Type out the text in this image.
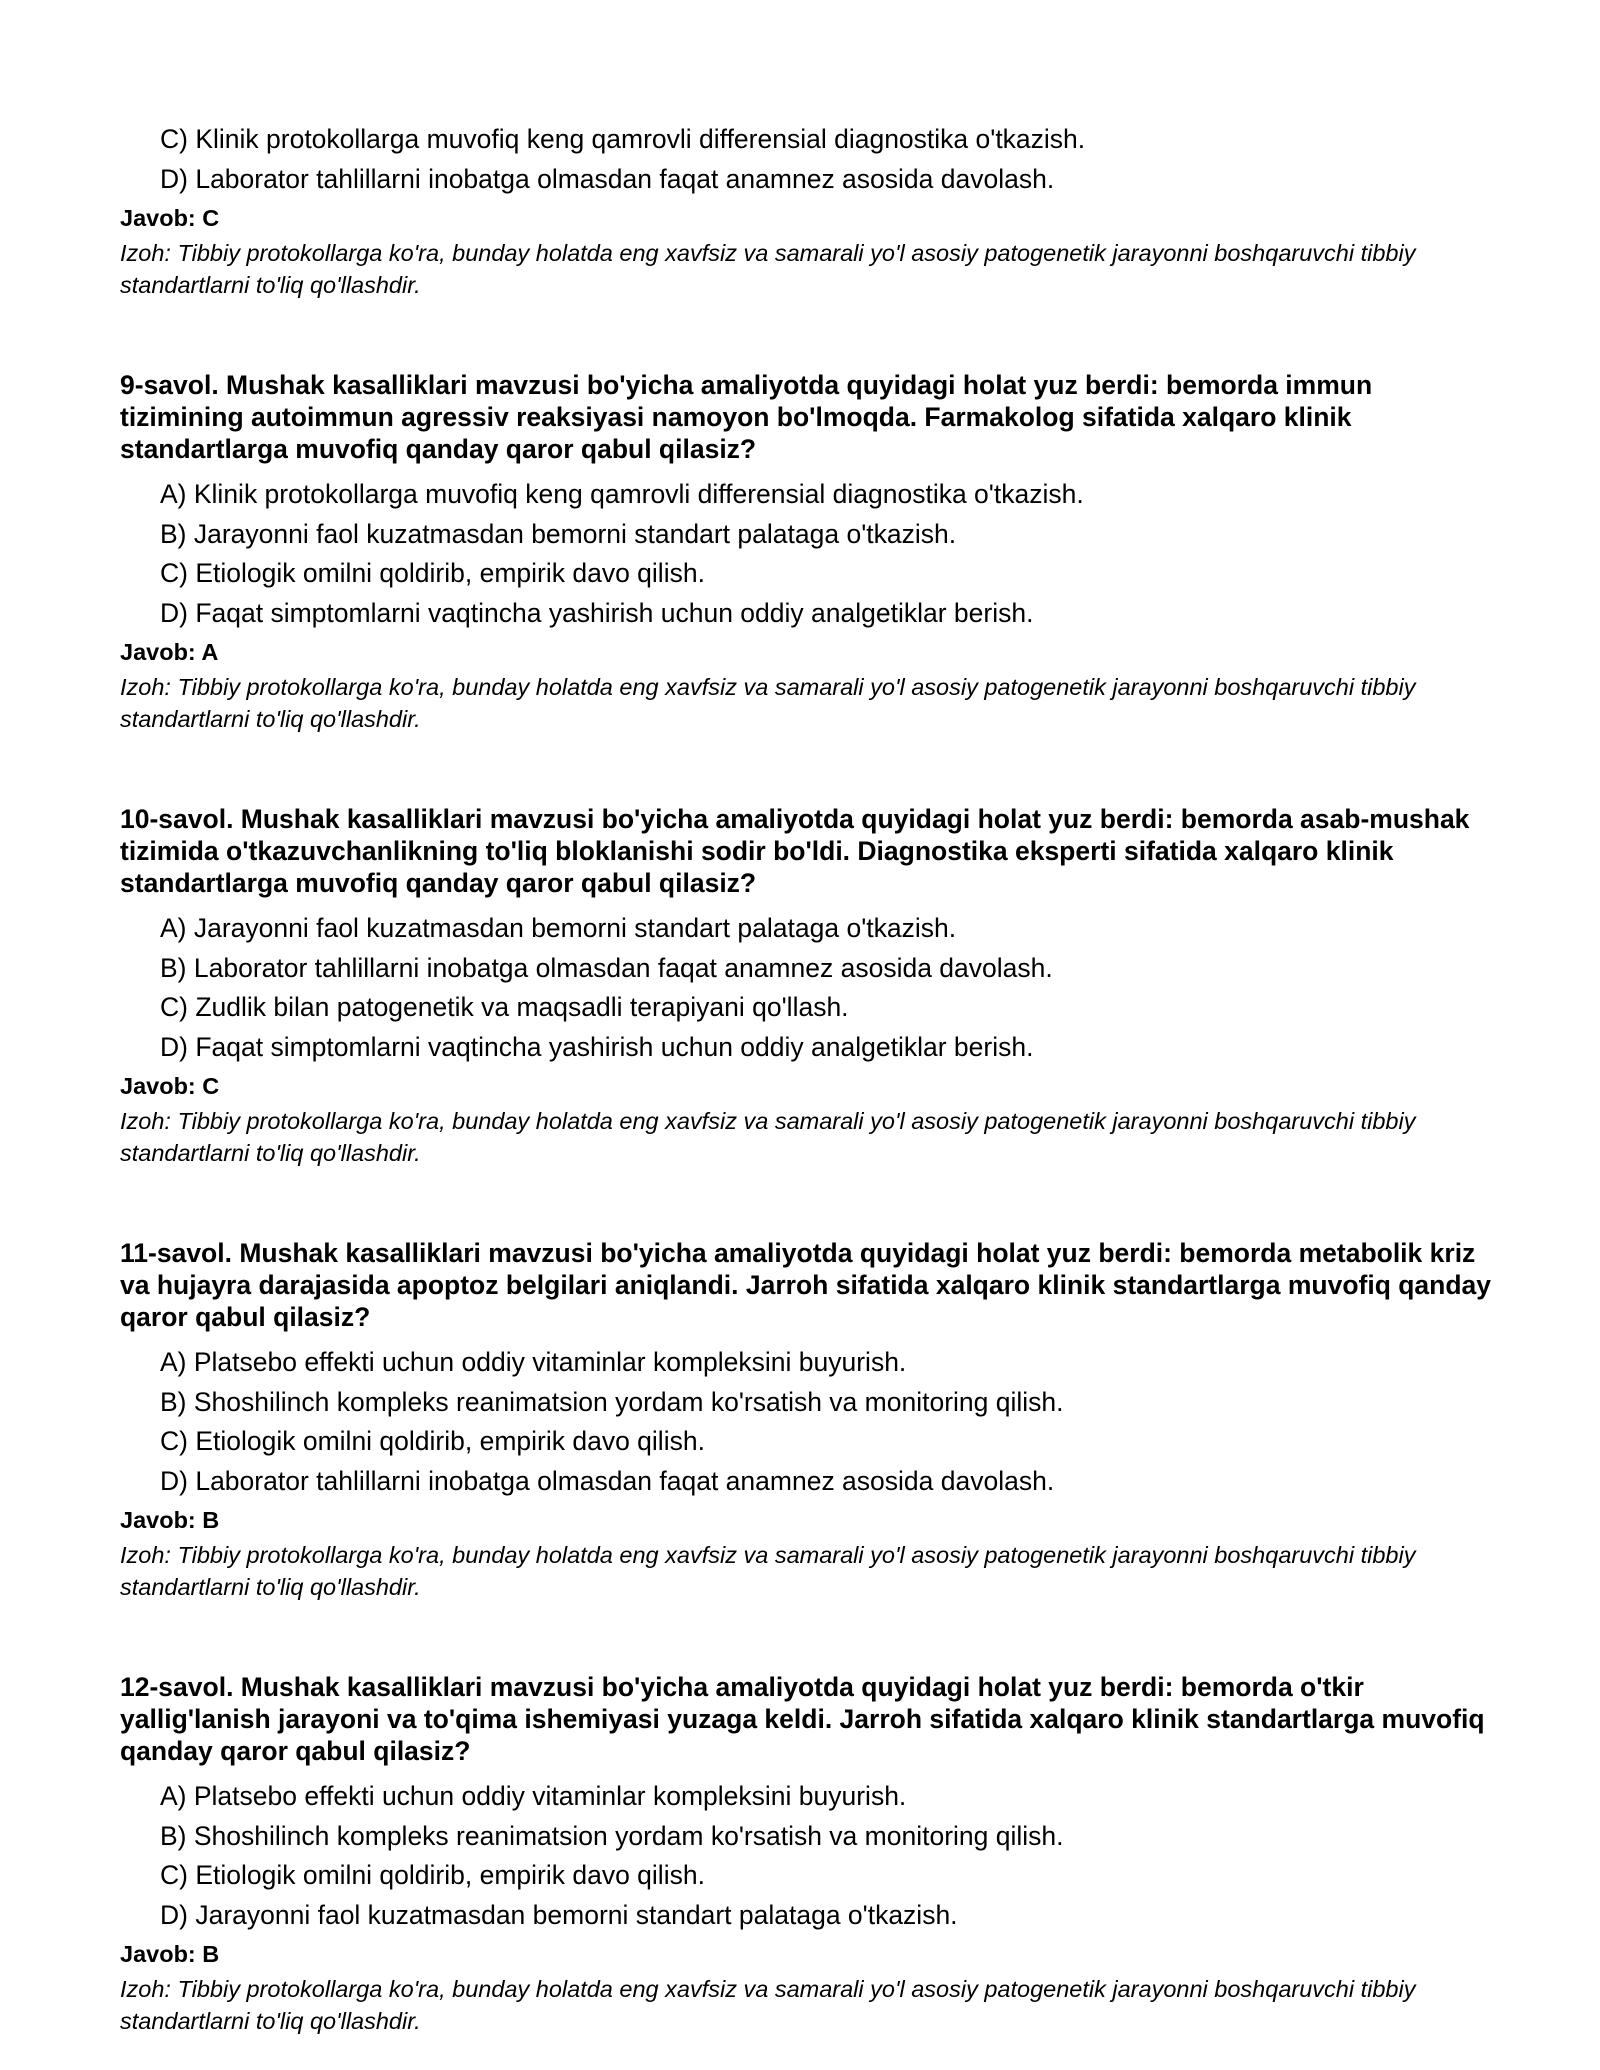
C) Klinik protokollarga muvofiq keng qamrovli differensial diagnostika o'tkazish.
D) Laborator tahlillarni inobatga olmasdan faqat anamnez asosida davolash.
Javob: C
Izoh: Tibbiy protokollarga ko'ra, bunday holatda eng xavfsiz va samarali yo'l asosiy patogenetik jarayonni boshqaruvchi tibbiy standartlarni to'liq qo'llashdir.
9-savol. Mushak kasalliklari mavzusi bo'yicha amaliyotda quyidagi holat yuz berdi: bemorda immun tizimining autoimmun agressiv reaksiyasi namoyon bo'lmoqda. Farmakolog sifatida xalqaro klinik standartlarga muvofiq qanday qaror qabul qilasiz?
A) Klinik protokollarga muvofiq keng qamrovli differensial diagnostika o'tkazish.
B) Jarayonni faol kuzatmasdan bemorni standart palataga o'tkazish.
C) Etiologik omilni qoldirib, empirik davo qilish.
D) Faqat simptomlarni vaqtincha yashirish uchun oddiy analgetiklar berish.
Javob: A
Izoh: Tibbiy protokollarga ko'ra, bunday holatda eng xavfsiz va samarali yo'l asosiy patogenetik jarayonni boshqaruvchi tibbiy standartlarni to'liq qo'llashdir.
10-savol. Mushak kasalliklari mavzusi bo'yicha amaliyotda quyidagi holat yuz berdi: bemorda asab-mushak tizimida o'tkazuvchanlikning to'liq bloklanishi sodir bo'ldi. Diagnostika eksperti sifatida xalqaro klinik standartlarga muvofiq qanday qaror qabul qilasiz?
A) Jarayonni faol kuzatmasdan bemorni standart palataga o'tkazish.
B) Laborator tahlillarni inobatga olmasdan faqat anamnez asosida davolash.
C) Zudlik bilan patogenetik va maqsadli terapiyani qo'llash.
D) Faqat simptomlarni vaqtincha yashirish uchun oddiy analgetiklar berish.
Javob: C
Izoh: Tibbiy protokollarga ko'ra, bunday holatda eng xavfsiz va samarali yo'l asosiy patogenetik jarayonni boshqaruvchi tibbiy standartlarni to'liq qo'llashdir.
11-savol. Mushak kasalliklari mavzusi bo'yicha amaliyotda quyidagi holat yuz berdi: bemorda metabolik kriz va hujayra darajasida apoptoz belgilari aniqlandi. Jarroh sifatida xalqaro klinik standartlarga muvofiq qanday qaror qabul qilasiz?
A) Platsebo effekti uchun oddiy vitaminlar kompleksini buyurish.
B) Shoshilinch kompleks reanimatsion yordam ko'rsatish va monitoring qilish.
C) Etiologik omilni qoldirib, empirik davo qilish.
D) Laborator tahlillarni inobatga olmasdan faqat anamnez asosida davolash.
Javob: B
Izoh: Tibbiy protokollarga ko'ra, bunday holatda eng xavfsiz va samarali yo'l asosiy patogenetik jarayonni boshqaruvchi tibbiy standartlarni to'liq qo'llashdir.
12-savol. Mushak kasalliklari mavzusi bo'yicha amaliyotda quyidagi holat yuz berdi: bemorda o'tkir yallig'lanish jarayoni va to'qima ishemiyasi yuzaga keldi. Jarroh sifatida xalqaro klinik standartlarga muvofiq qanday qaror qabul qilasiz?
A) Platsebo effekti uchun oddiy vitaminlar kompleksini buyurish.
B) Shoshilinch kompleks reanimatsion yordam ko'rsatish va monitoring qilish.
C) Etiologik omilni qoldirib, empirik davo qilish.
D) Jarayonni faol kuzatmasdan bemorni standart palataga o'tkazish.
Javob: B
Izoh: Tibbiy protokollarga ko'ra, bunday holatda eng xavfsiz va samarali yo'l asosiy patogenetik jarayonni boshqaruvchi tibbiy standartlarni to'liq qo'llashdir.
